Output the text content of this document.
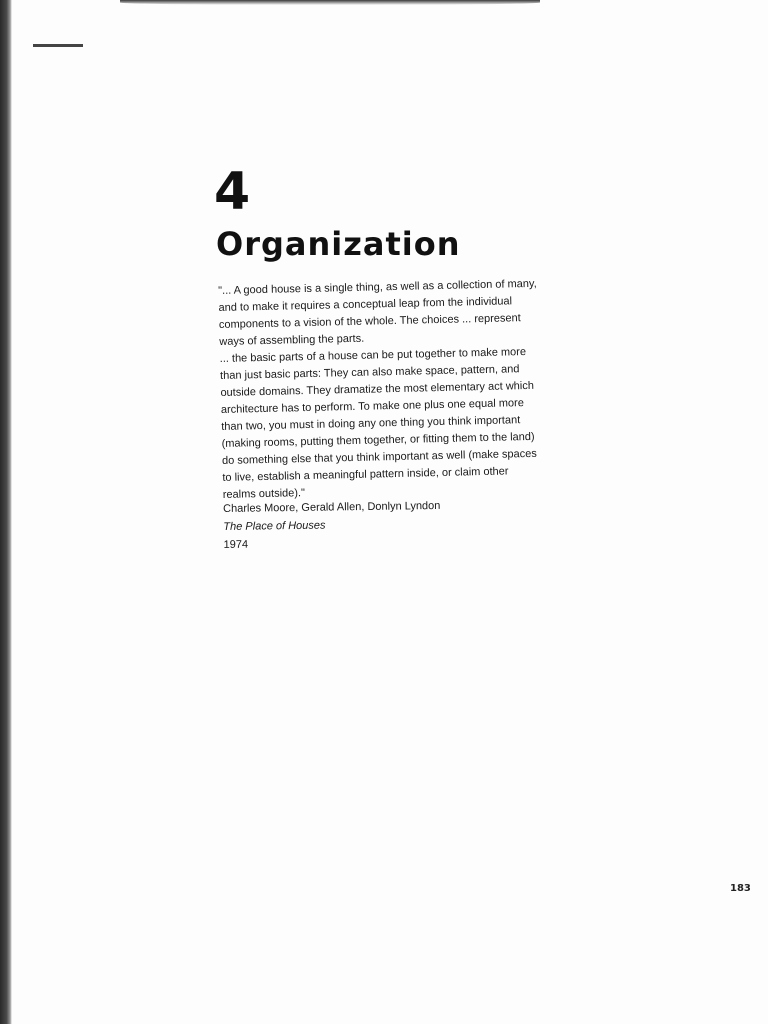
4
Organization

"... A good house is a single thing, as well as a collection of many, and to make it requires a conceptual leap from the individual components to a vision of the whole. The choices ... represent ways of assembling the parts.

... the basic parts of a house can be put together to make more than just basic parts: They can also make space, pattern, and outside domains. They dramatize the most elementary act which architecture has to perform. To make one plus one equal more than two, you must in doing any one thing you think important (making rooms, putting them together, or fitting them to the land) do something else that you think important as well (make spaces to live, establish a meaningful pattern inside, or claim other realms outside)."

Charles Moore, Gerald Allen, Donlyn Lyndon
The Place of Houses
1974
183
